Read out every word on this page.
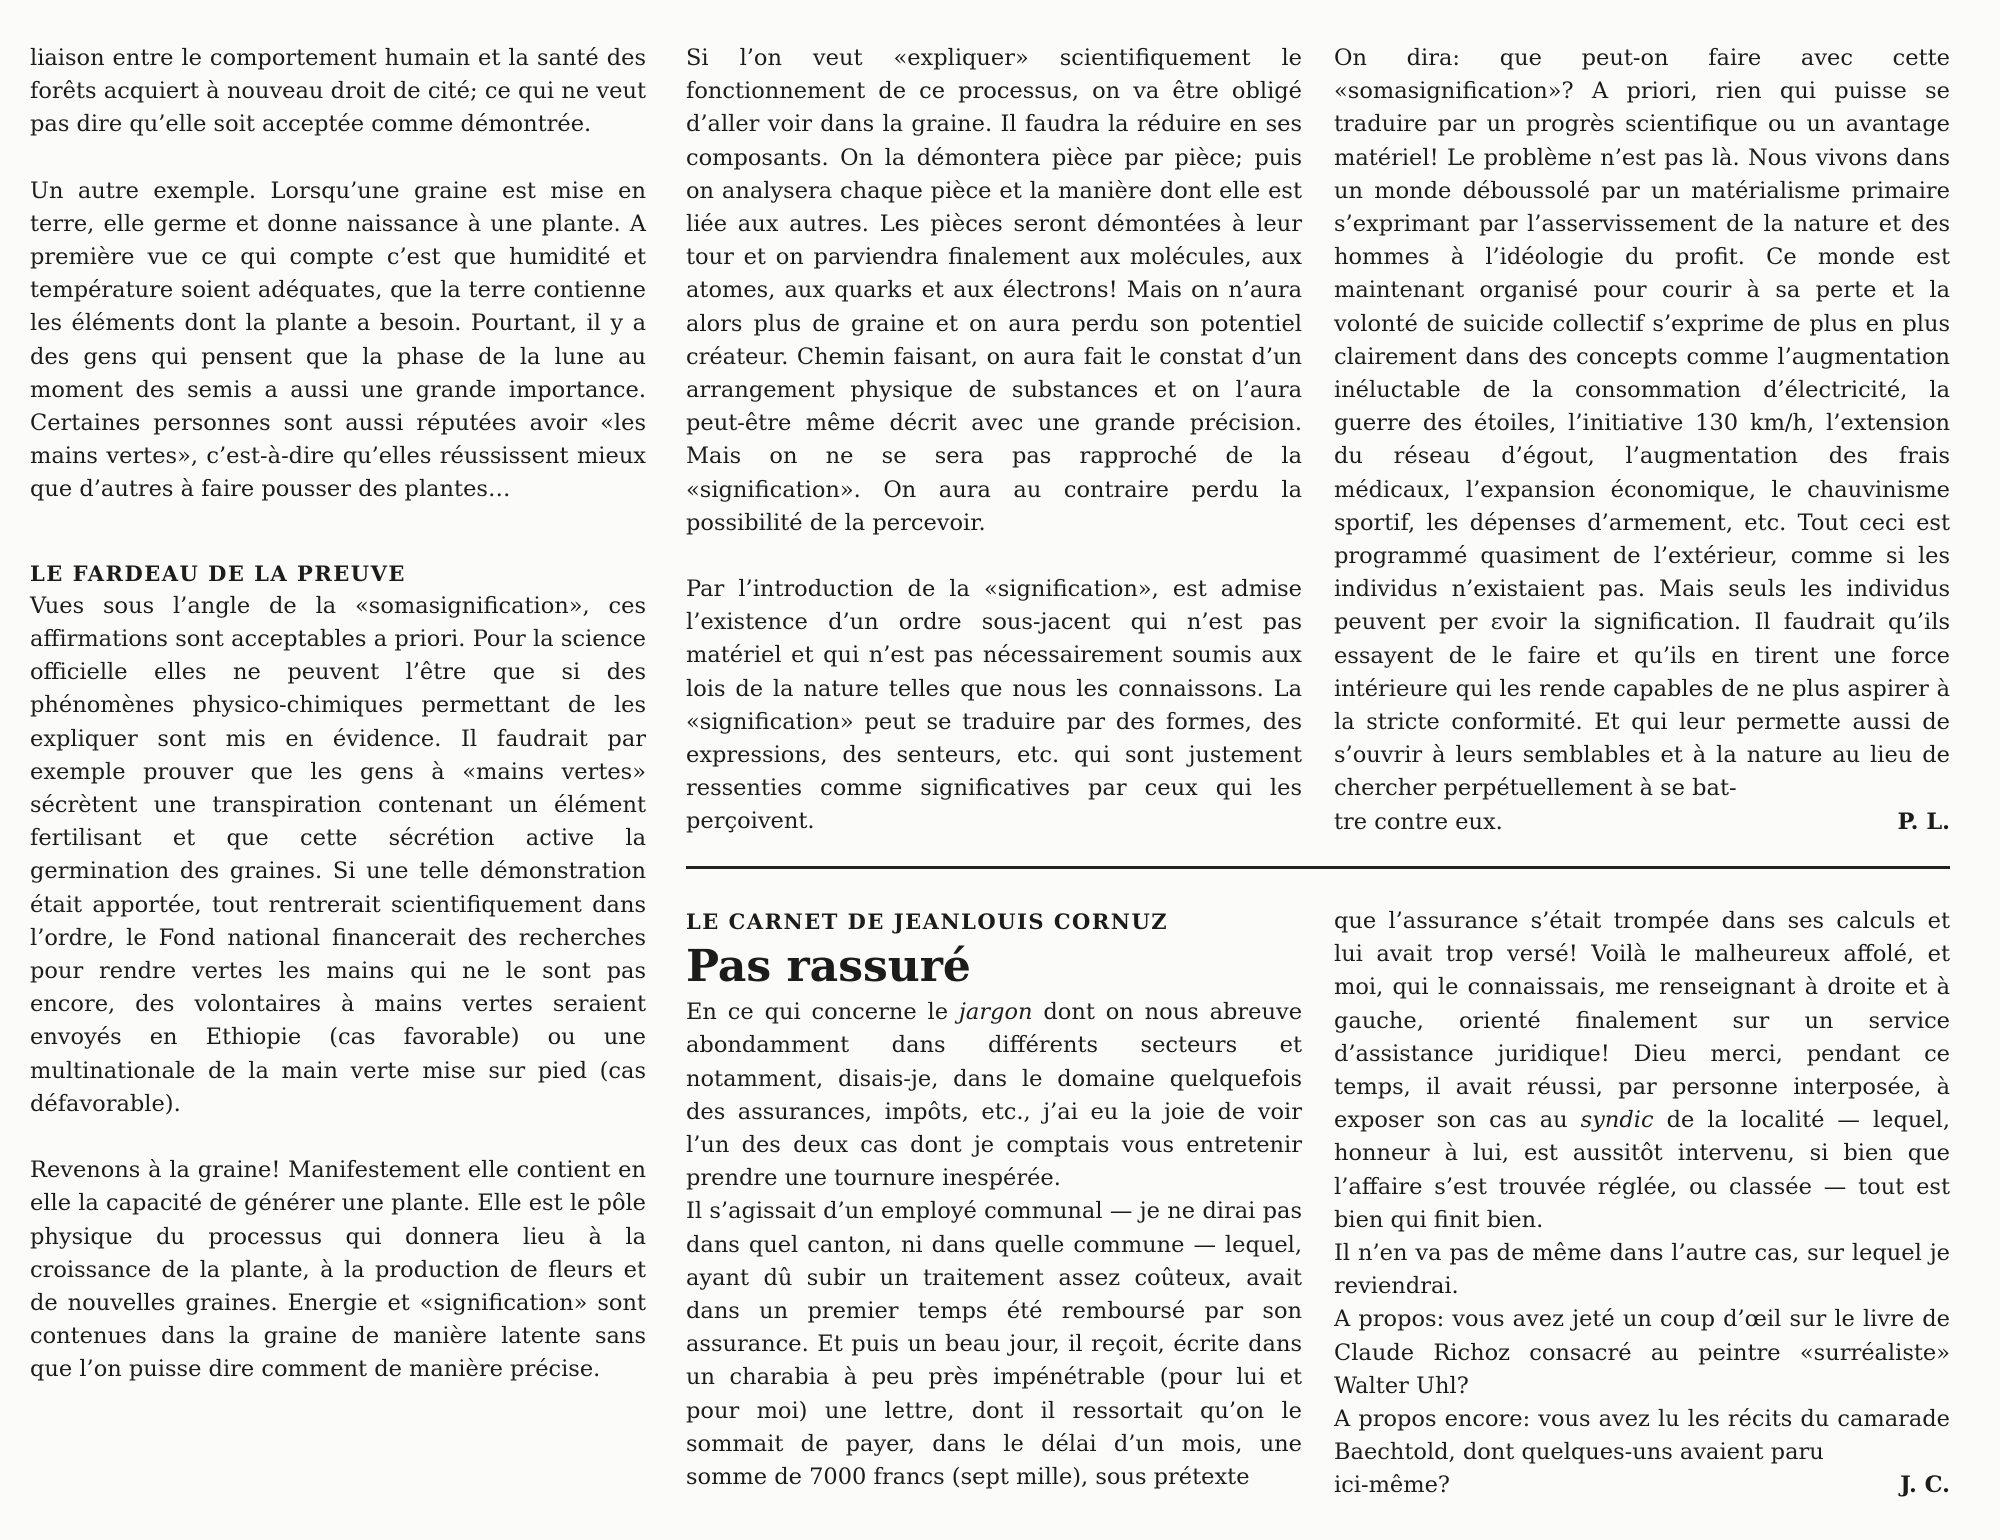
liaison entre le comportement humain et la santé des forêts acquiert à nouveau droit de cité; ce qui ne veut pas dire qu’elle soit acceptée comme démontrée.

Un autre exemple. Lorsqu’une graine est mise en terre, elle germe et donne naissance à une plante. A première vue ce qui compte c’est que humidité et température soient adéquates, que la terre contienne les éléments dont la plante a besoin. Pourtant, il y a des gens qui pensent que la phase de la lune au moment des semis a aussi une grande importance. Certaines personnes sont aussi réputées avoir «les mains vertes», c’est-à-dire qu’elles réussissent mieux que d’autres à faire pousser des plantes…

LE FARDEAU DE LA PREUVE

Vues sous l’angle de la «somasignification», ces affirmations sont acceptables a priori. Pour la science officielle elles ne peuvent l’être que si des phénomènes physico-chimiques permettant de les expliquer sont mis en évidence. Il faudrait par exemple prouver que les gens à «mains vertes» sécrètent une transpiration contenant un élément fertilisant et que cette sécrétion active la germination des graines. Si une telle démonstration était apportée, tout rentrerait scientifiquement dans l’ordre, le Fond national financerait des recherches pour rendre vertes les mains qui ne le sont pas encore, des volontaires à mains vertes seraient envoyés en Ethiopie (cas favorable) ou une multinationale de la main verte mise sur pied (cas défavorable).

Revenons à la graine! Manifestement elle contient en elle la capacité de générer une plante. Elle est le pôle physique du processus qui donnera lieu à la croissance de la plante, à la production de fleurs et de nouvelles graines. Energie et «signification» sont contenues dans la graine de manière latente sans que l’on puisse dire comment de manière précise.

Si l’on veut «expliquer» scientifiquement le fonctionnement de ce processus, on va être obligé d’aller voir dans la graine. Il faudra la réduire en ses composants. On la démontera pièce par pièce; puis on analysera chaque pièce et la manière dont elle est liée aux autres. Les pièces seront démontées à leur tour et on parviendra finalement aux molécules, aux atomes, aux quarks et aux électrons! Mais on n’aura alors plus de graine et on aura perdu son potentiel créateur. Chemin faisant, on aura fait le constat d’un arrangement physique de substances et on l’aura peut-être même décrit avec une grande précision. Mais on ne se sera pas rapproché de la «signification». On aura au contraire perdu la possibilité de la percevoir.

Par l’introduction de la «signification», est admise l’existence d’un ordre sous-jacent qui n’est pas matériel et qui n’est pas nécessairement soumis aux lois de la nature telles que nous les connaissons. La «signification» peut se traduire par des formes, des expressions, des senteurs, etc. qui sont justement ressenties comme significatives par ceux qui les perçoivent.

On dira: que peut-on faire avec cette «somasignification»? A priori, rien qui puisse se traduire par un progrès scientifique ou un avantage matériel! Le problème n’est pas là. Nous vivons dans un monde déboussolé par un matérialisme primaire s’exprimant par l’asservissement de la nature et des hommes à l’idéologie du profit. Ce monde est maintenant organisé pour courir à sa perte et la volonté de suicide collectif s’exprime de plus en plus clairement dans des concepts comme l’augmentation inéluctable de la consommation d’électricité, la guerre des étoiles, l’initiative 130 km/h, l’extension du réseau d’égout, l’augmentation des frais médicaux, l’expansion économique, le chauvinisme sportif, les dépenses d’armement, etc. Tout ceci est programmé quasiment de l’extérieur, comme si les individus n’existaient pas. Mais seuls les individus peuvent per ɛvoir la signification. Il faudrait qu’ils essayent de le faire et qu’ils en tirent une force intérieure qui les rende capables de ne plus aspirer à la stricte conformité. Et qui leur permette aussi de s’ouvrir à leurs semblables et à la nature au lieu de chercher perpétuellement à se bat-

tre contre eux.	P. L.

LE CARNET DE JEANLOUIS CORNUZ

Pas rassuré

En ce qui concerne le jargon dont on nous abreuve abondamment dans différents secteurs et notamment, disais-je, dans le domaine quelquefois des assurances, impôts, etc., j’ai eu la joie de voir l’un des deux cas dont je comptais vous entretenir prendre une tournure inespérée.

Il s’agissait d’un employé communal — je ne dirai pas dans quel canton, ni dans quelle commune — lequel, ayant dû subir un traitement assez coûteux, avait dans un premier temps été remboursé par son assurance. Et puis un beau jour, il reçoit, écrite dans un charabia à peu près impénétrable (pour lui et pour moi) une lettre, dont il ressortait qu’on le sommait de payer, dans le délai d’un mois, une somme de 7000 francs (sept mille), sous prétexte

que l’assurance s’était trompée dans ses calculs et lui avait trop versé! Voilà le malheureux affolé, et moi, qui le connaissais, me renseignant à droite et à gauche, orienté finalement sur un service d’assistance juridique! Dieu merci, pendant ce temps, il avait réussi, par personne interposée, à exposer son cas au syndic de la localité — lequel, honneur à lui, est aussitôt intervenu, si bien que l’affaire s’est trouvée réglée, ou classée — tout est bien qui finit bien.

Il n’en va pas de même dans l’autre cas, sur lequel je reviendrai.

A propos: vous avez jeté un coup d’œil sur le livre de Claude Richoz consacré au peintre «surréaliste» Walter Uhl?

A propos encore: vous avez lu les récits du camarade Baechtold, dont quelques-uns avaient paru

ici-même?	J. C.
